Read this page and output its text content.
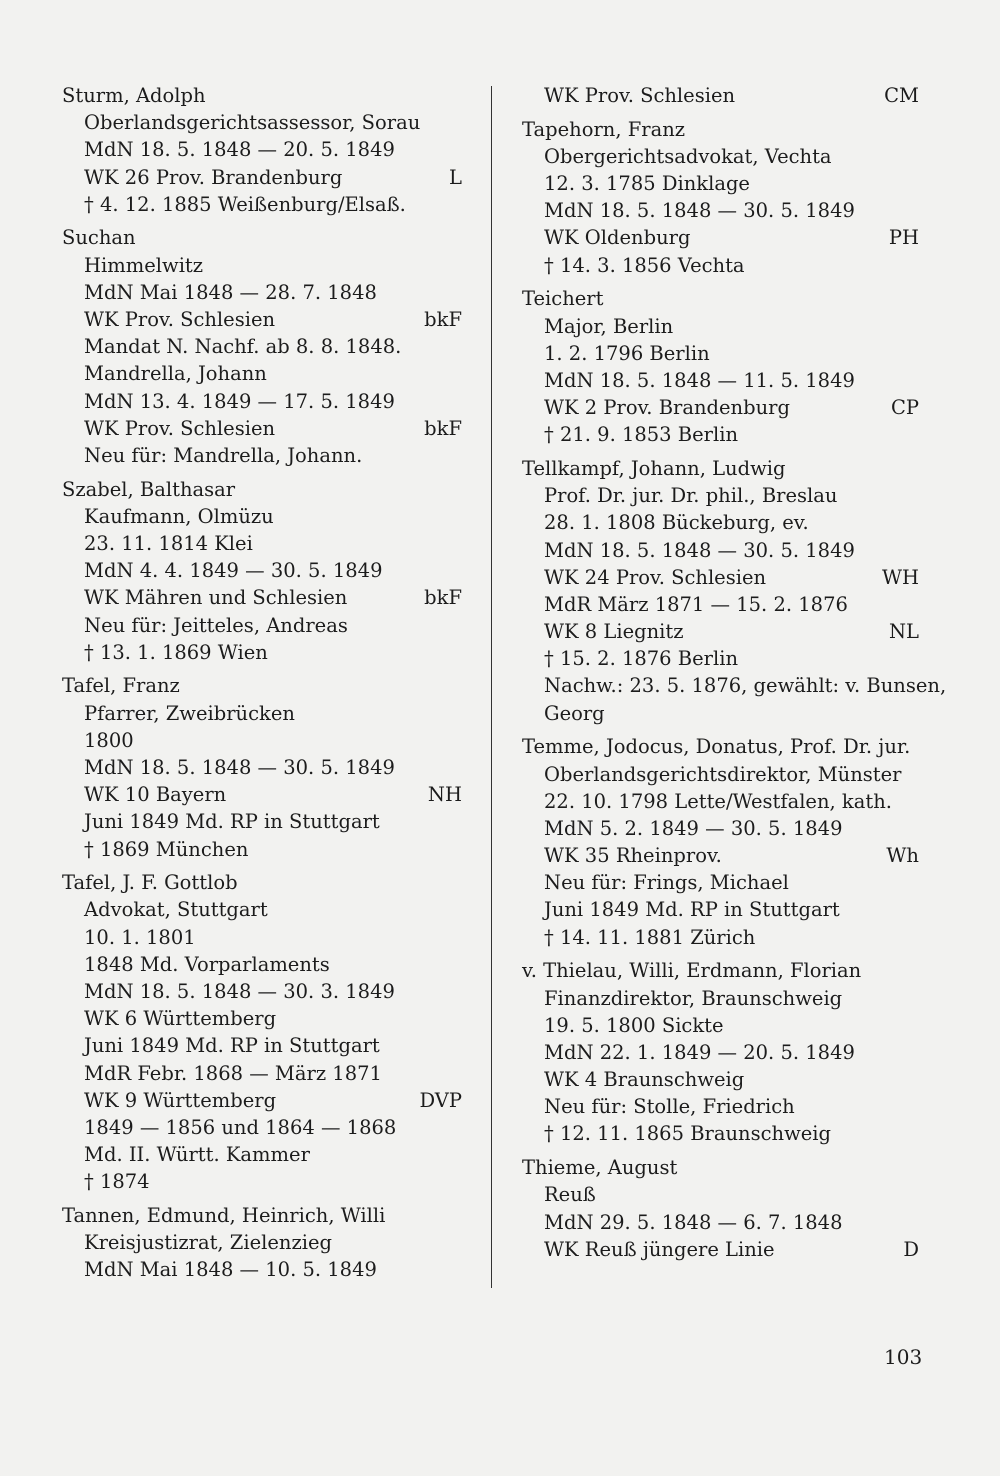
Sturm, Adolph
Oberlandsgerichtsassessor, Sorau
MdN 18. 5. 1848 — 20. 5. 1849
WK 26 Prov. Brandenburg	L
† 4. 12. 1885 Weißenburg/Elsaß.
Suchan
Himmelwitz
MdN Mai 1848 — 28. 7. 1848
WK Prov. Schlesien	bkF
Mandat N. Nachf. ab 8. 8. 1848.
Mandrella, Johann
MdN 13. 4. 1849 — 17. 5. 1849
WK Prov. Schlesien	bkF
Neu für: Mandrella, Johann.
Szabel, Balthasar
Kaufmann, Olmüzu
23. 11. 1814 Klei
MdN 4. 4. 1849 — 30. 5. 1849
WK Mähren und Schlesien	bkF
Neu für: Jeitteles, Andreas
† 13. 1. 1869 Wien
Tafel, Franz
Pfarrer, Zweibrücken
1800
MdN 18. 5. 1848 — 30. 5. 1849
WK 10 Bayern	NH
Juni 1849 Md. RP in Stuttgart
† 1869 München
Tafel, J. F. Gottlob
Advokat, Stuttgart
10. 1. 1801
1848 Md. Vorparlaments
MdN 18. 5. 1848 — 30. 3. 1849
WK 6 Württemberg
Juni 1849 Md. RP in Stuttgart
MdR Febr. 1868 — März 1871
WK 9 Württemberg	DVP
1849 — 1856 und 1864 — 1868
Md. II. Württ. Kammer
† 1874
Tannen, Edmund, Heinrich, Willi
Kreisjustizrat, Zielenzieg
MdN Mai 1848 — 10. 5. 1849
WK Prov. Schlesien	CM
Tapehorn, Franz
Obergerichtsadvokat, Vechta
12. 3. 1785 Dinklage
MdN 18. 5. 1848 — 30. 5. 1849
WK Oldenburg	PH
† 14. 3. 1856 Vechta
Teichert
Major, Berlin
1. 2. 1796 Berlin
MdN 18. 5. 1848 — 11. 5. 1849
WK 2 Prov. Brandenburg	CP
† 21. 9. 1853 Berlin
Tellkampf, Johann, Ludwig
Prof. Dr. jur. Dr. phil., Breslau
28. 1. 1808 Bückeburg, ev.
MdN 18. 5. 1848 — 30. 5. 1849
WK 24 Prov. Schlesien	WH
MdR März 1871 — 15. 2. 1876
WK 8 Liegnitz	NL
† 15. 2. 1876 Berlin
Nachw.: 23. 5. 1876, gewählt: v. Bunsen,
Georg
Temme, Jodocus, Donatus, Prof. Dr. jur.
Oberlandsgerichtsdirektor, Münster
22. 10. 1798 Lette/Westfalen, kath.
MdN 5. 2. 1849 — 30. 5. 1849
WK 35 Rheinprov.	Wh
Neu für: Frings, Michael
Juni 1849 Md. RP in Stuttgart
† 14. 11. 1881 Zürich
v. Thielau, Willi, Erdmann, Florian
Finanzdirektor, Braunschweig
19. 5. 1800 Sickte
MdN 22. 1. 1849 — 20. 5. 1849
WK 4 Braunschweig
Neu für: Stolle, Friedrich
† 12. 11. 1865 Braunschweig
Thieme, August
Reuß
MdN 29. 5. 1848 — 6. 7. 1848
WK Reuß jüngere Linie	D
103
